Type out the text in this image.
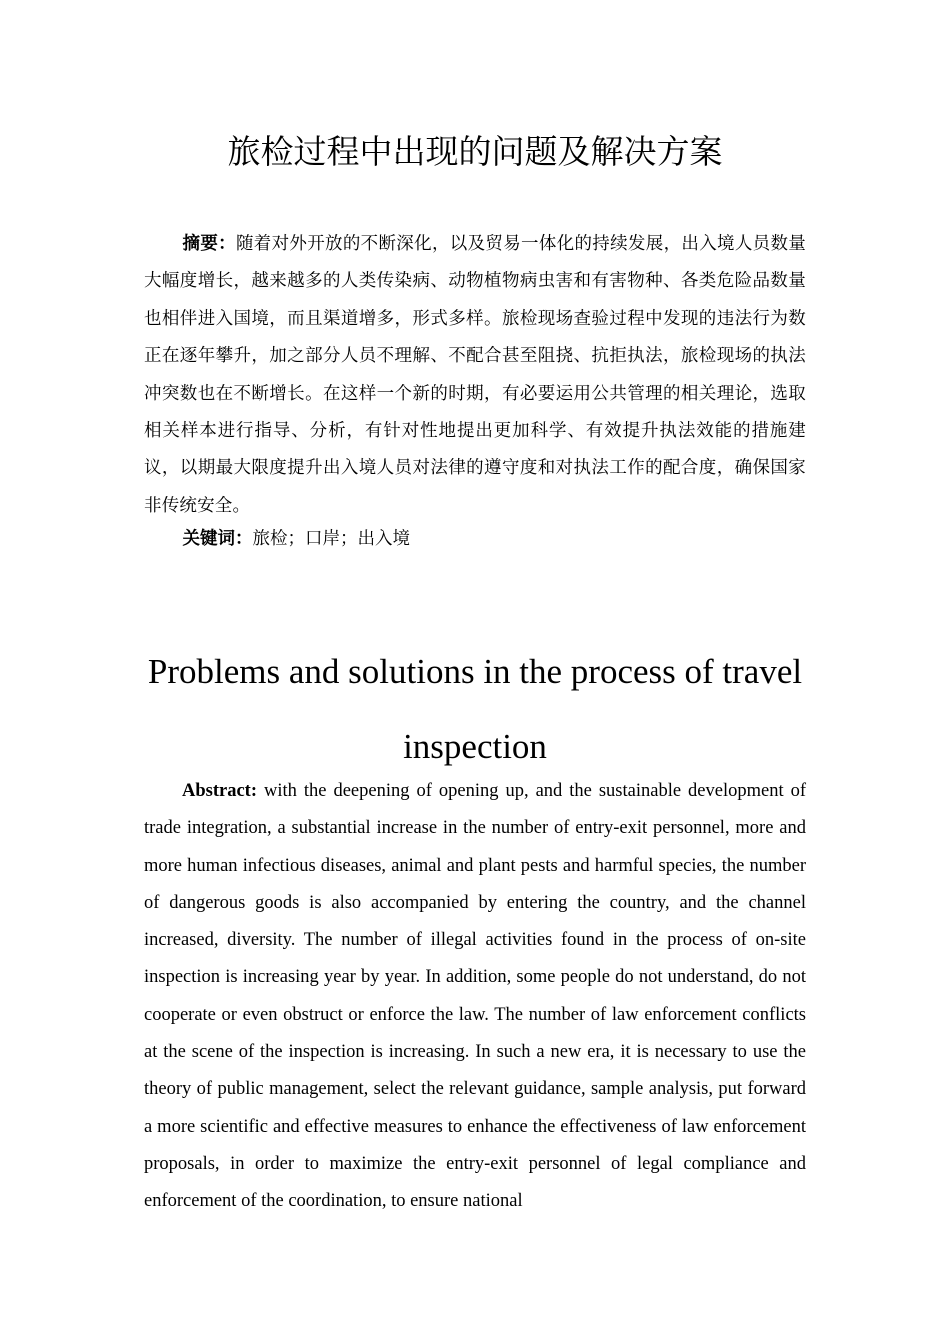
旅检过程中出现的问题及解决方案

摘要：随着对外开放的不断深化，以及贸易一体化的持续发展，出入境人员数量大幅度增长，越来越多的人类传染病、动物植物病虫害和有害物种、各类危险品数量也相伴进入国境，而且渠道增多，形式多样。旅检现场查验过程中发现的违法行为数正在逐年攀升，加之部分人员不理解、不配合甚至阻挠、抗拒执法，旅检现场的执法冲突数也在不断增长。在这样一个新的时期，有必要运用公共管理的相关理论，选取相关样本进行指导、分析，有针对性地提出更加科学、有效提升执法效能的措施建议，以期最大限度提升出入境人员对法律的遵守度和对执法工作的配合度，确保国家非传统安全。

关键词：旅检；口岸；出入境

Problems and solutions in the process of travel inspection

Abstract: with the deepening of opening up, and the sustainable development of trade integration, a substantial increase in the number of entry-exit personnel, more and more human infectious diseases, animal and plant pests and harmful species, the number of dangerous goods is also accompanied by entering the country, and the channel increased, diversity. The number of illegal activities found in the process of on-site inspection is increasing year by year. In addition, some people do not understand, do not cooperate or even obstruct or enforce the law. The number of law enforcement conflicts at the scene of the inspection is increasing. In such a new era, it is necessary to use the theory of public management, select the relevant guidance, sample analysis, put forward a more scientific and effective measures to enhance the effectiveness of law enforcement proposals, in order to maximize the entry-exit personnel of legal compliance and enforcement of the coordination, to ensure national
